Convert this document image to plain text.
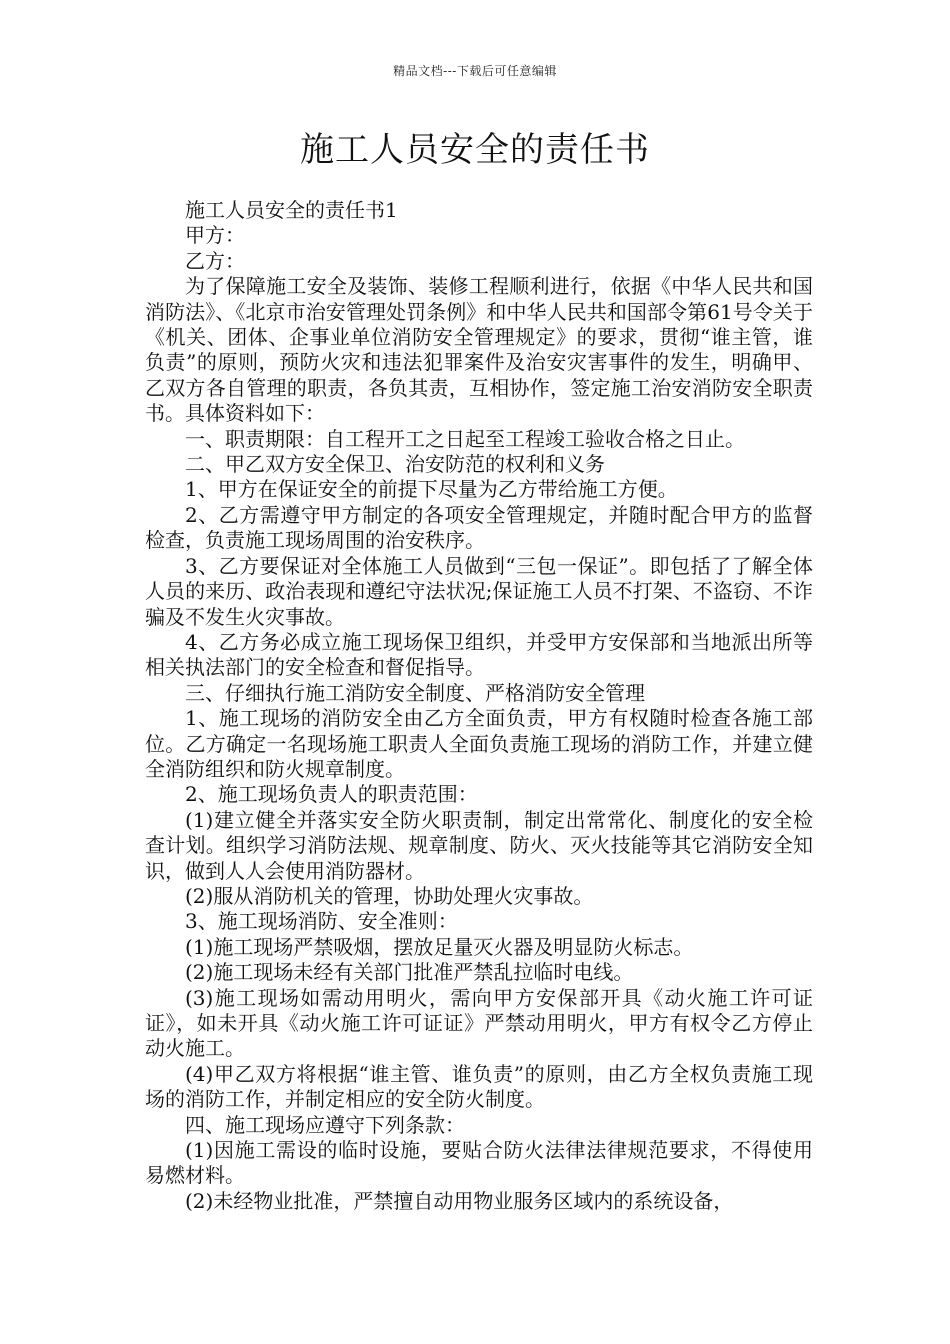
精品文档---下载后可任意编辑
施工人员安全的责任书

施工人员安全的责任书1

甲方：

乙方：

为了保障施工安全及装饰、装修工程顺利进行，依据《中华人民共和国消防法》、《北京市治安管理处罚条例》和中华人民共和国部令第61号令关于《机关、团体、企事业单位消防安全管理规定》的要求，贯彻“谁主管，谁负责”的原则，预防火灾和违法犯罪案件及治安灾害事件的发生，明确甲、乙双方各自管理的职责，各负其责，互相协作，签定施工治安消防安全职责书。具体资料如下：

一、职责期限：自工程开工之日起至工程竣工验收合格之日止。

二、甲乙双方安全保卫、治安防范的权利和义务

1、甲方在保证安全的前提下尽量为乙方带给施工方便。

2、乙方需遵守甲方制定的各项安全管理规定，并随时配合甲方的监督检查，负责施工现场周围的治安秩序。

3、乙方要保证对全体施工人员做到“三包一保证”。即包括了了解全体人员的来历、政治表现和遵纪守法状况;保证施工人员不打架、不盗窃、不诈骗及不发生火灾事故。

4、乙方务必成立施工现场保卫组织，并受甲方安保部和当地派出所等相关执法部门的安全检查和督促指导。

三、仔细执行施工消防安全制度、严格消防安全管理

1、施工现场的消防安全由乙方全面负责，甲方有权随时检查各施工部位。乙方确定一名现场施工职责人全面负责施工现场的消防工作，并建立健全消防组织和防火规章制度。

2、施工现场负责人的职责范围：

(1)建立健全并落实安全防火职责制，制定出常常化、制度化的安全检查计划。组织学习消防法规、规章制度、防火、灭火技能等其它消防安全知识，做到人人会使用消防器材。

(2)服从消防机关的管理，协助处理火灾事故。

3、施工现场消防、安全准则：

(1)施工现场严禁吸烟，摆放足量灭火器及明显防火标志。

(2)施工现场未经有关部门批准严禁乱拉临时电线。

(3)施工现场如需动用明火，需向甲方安保部开具《动火施工许可证证》，如未开具《动火施工许可证证》严禁动用明火，甲方有权令乙方停止动火施工。

(4)甲乙双方将根据“谁主管、谁负责”的原则，由乙方全权负责施工现场的消防工作，并制定相应的安全防火制度。

四、施工现场应遵守下列条款：

(1)因施工需设的临时设施，要贴合防火法律法律规范要求，不得使用易燃材料。

(2)未经物业批准，严禁擅自动用物业服务区域内的系统设备，
